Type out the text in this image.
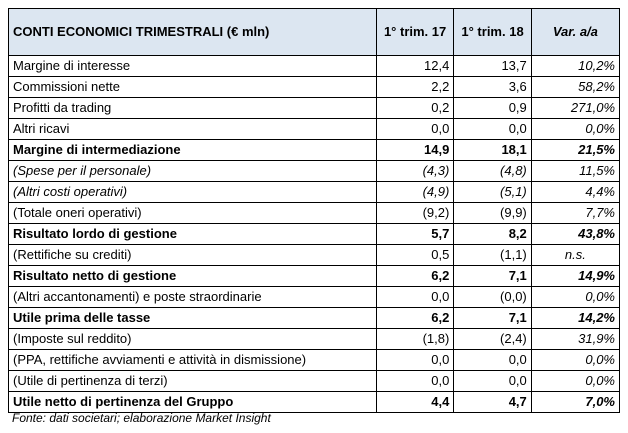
CONTI ECONOMICI TRIMESTRALI (€ mln)	1° trim. 17	1° trim. 18	Var. a/a
Margine di interesse	12,4	13,7	10,2%
Commissioni nette	2,2	3,6	58,2%
Profitti da trading	0,2	0,9	271,0%
Altri ricavi	0,0	0,0	0,0%
Margine di intermediazione	14,9	18,1	21,5%
(Spese per il personale)	(4,3)	(4,8)	11,5%
(Altri costi operativi)	(4,9)	(5,1)	4,4%
(Totale oneri operativi)	(9,2)	(9,9)	7,7%
Risultato lordo di gestione	5,7	8,2	43,8%
(Rettifiche su crediti)	0,5	(1,1)	n.s.
Risultato netto di gestione	6,2	7,1	14,9%
(Altri accantonamenti) e poste straordinarie	0,0	(0,0)	0,0%
Utile prima delle tasse	6,2	7,1	14,2%
(Imposte sul reddito)	(1,8)	(2,4)	31,9%
(PPA, rettifiche avviamenti e attività in dismissione)	0,0	0,0	0,0%
(Utile di pertinenza di terzi)	0,0	0,0	0,0%
Utile netto di pertinenza del Gruppo	4,4	4,7	7,0%
Fonte: dati societari; elaborazione Market Insight
